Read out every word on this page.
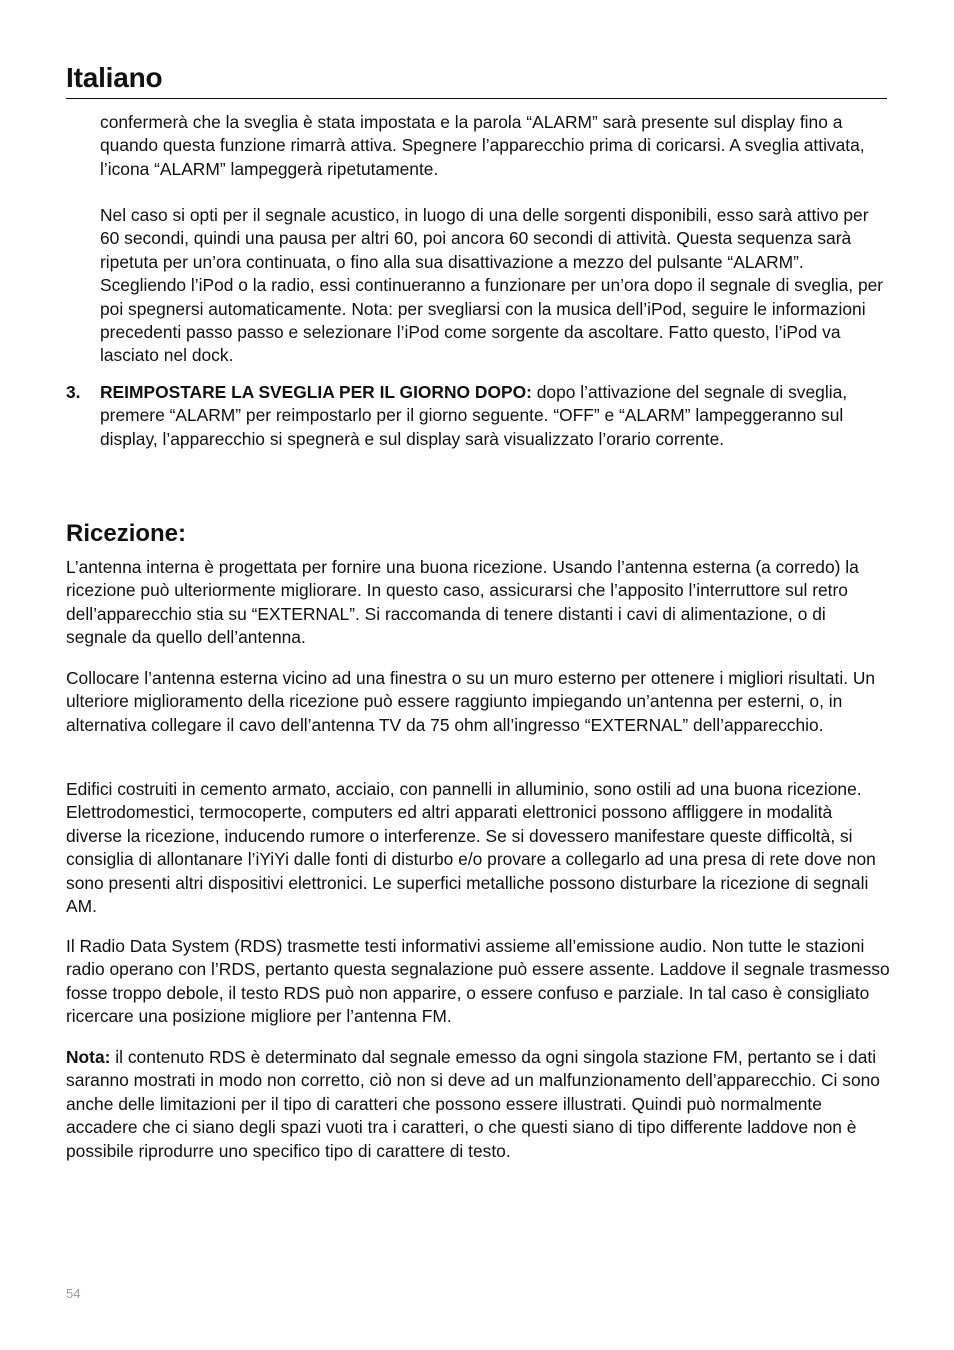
Italiano

confermerà che la sveglia è stata impostata e la parola “ALARM” sarà presente sul display fino a quando questa funzione rimarrà attiva. Spegnere l’apparecchio prima di coricarsi. A sveglia attivata, l’icona “ALARM” lampeggerà ripetutamente.

Nel caso si opti per il segnale acustico, in luogo di una delle sorgenti disponibili, esso sarà attivo per 60 secondi, quindi una pausa per altri 60, poi ancora 60 secondi di attività. Questa sequenza sarà ripetuta per un’ora continuata, o fino alla sua disattivazione a mezzo del pulsante “ALARM”. Scegliendo l’iPod o la radio, essi continueranno a funzionare per un’ora dopo il segnale di sveglia, per poi spegnersi automaticamente. Nota: per svegliarsi con la musica dell’iPod, seguire le informazioni precedenti passo passo e selezionare l’iPod come sorgente da ascoltare. Fatto questo, l’iPod va lasciato nel dock.

3. REIMPOSTARE LA SVEGLIA PER IL GIORNO DOPO: dopo l’attivazione del segnale di sveglia, premere “ALARM” per reimpostarlo per il giorno seguente. “OFF” e “ALARM” lampeggeranno sul display, l’apparecchio si spegnerà e sul display sarà visualizzato l’orario corrente.

Ricezione:

L’antenna interna è progettata per fornire una buona ricezione. Usando l’antenna esterna (a corredo) la ricezione può ulteriormente migliorare. In questo caso, assicurarsi che l’apposito l’interruttore sul retro dell’apparecchio stia su “EXTERNAL”. Si raccomanda di tenere distanti i cavi di alimentazione, o di segnale da quello dell’antenna.

Collocare l’antenna esterna vicino ad una finestra o su un muro esterno per ottenere i migliori risultati. Un ulteriore miglioramento della ricezione può essere raggiunto impiegando un’antenna per esterni, o, in alternativa collegare il cavo dell’antenna TV da 75 ohm all’ingresso “EXTERNAL” dell’apparecchio.

Edifici costruiti in cemento armato, acciaio, con pannelli in alluminio, sono ostili ad una buona ricezione. Elettrodomestici, termocoperte, computers ed altri apparati elettronici possono affliggere in modalità diverse la ricezione, inducendo rumore o interferenze. Se si dovessero manifestare queste difficoltà, si consiglia di allontanare l’iYiYi dalle fonti di disturbo e/o provare a collegarlo ad una presa di rete dove non sono presenti altri dispositivi elettronici. Le superfici metalliche possono disturbare la ricezione di segnali AM.

Il Radio Data System (RDS) trasmette testi informativi assieme all’emissione audio. Non tutte le stazioni radio operano con l’RDS, pertanto questa segnalazione può essere assente. Laddove il segnale trasmesso fosse troppo debole, il testo RDS può non apparire, o essere confuso e parziale. In tal caso è consigliato ricercare una posizione migliore per l’antenna FM.

Nota: il contenuto RDS è determinato dal segnale emesso da ogni singola stazione FM, pertanto se i dati saranno mostrati in modo non corretto, ciò non si deve ad un malfunzionamento dell’apparecchio. Ci sono anche delle limitazioni per il tipo di caratteri che possono essere illustrati. Quindi può normalmente accadere che ci siano degli spazi vuoti tra i caratteri, o che questi siano di tipo differente laddove non è possibile riprodurre uno specifico tipo di carattere di testo.

54
